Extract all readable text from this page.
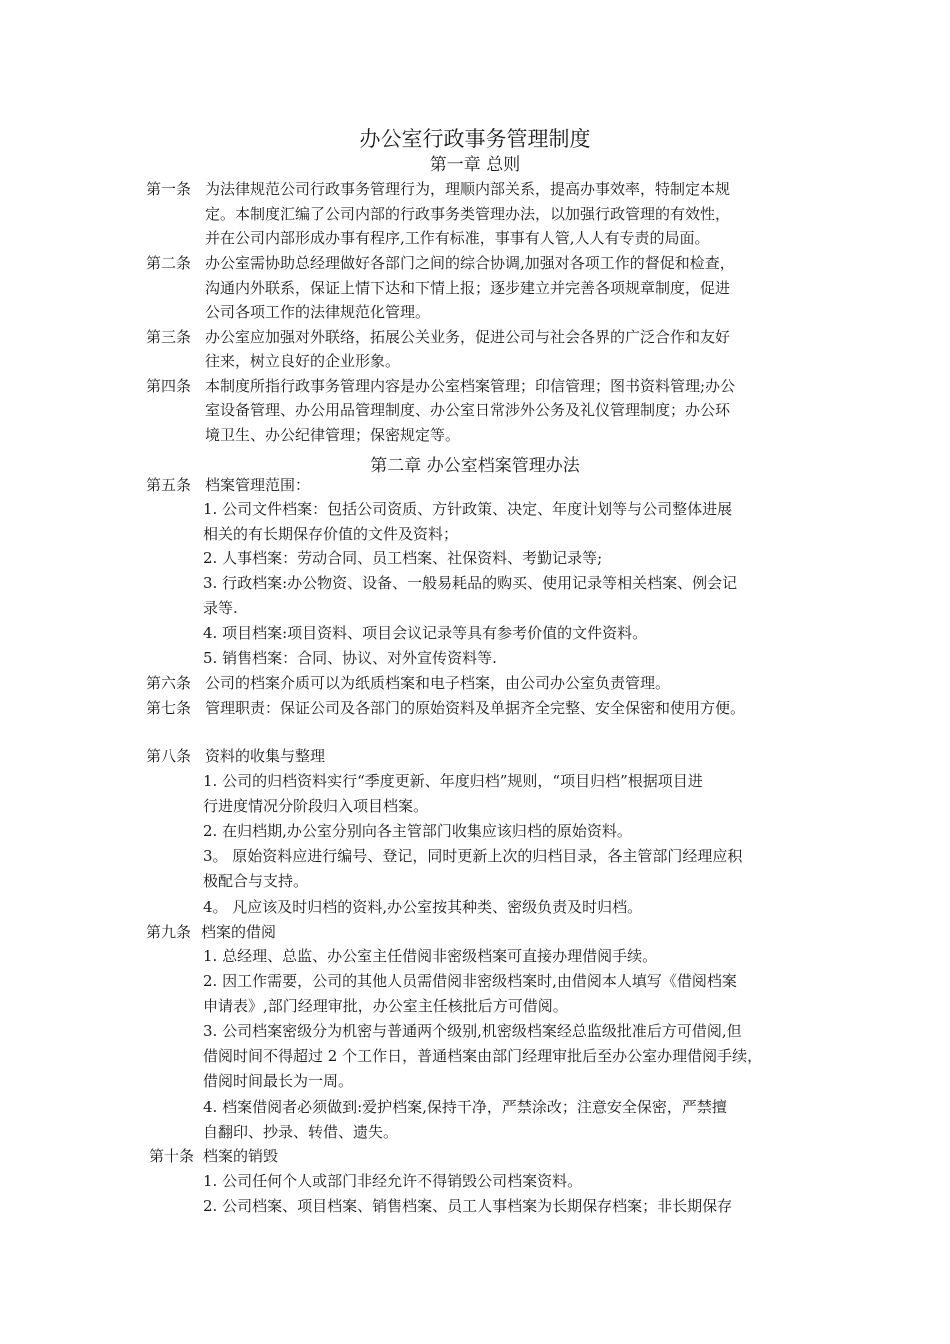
办公室行政事务管理制度
第一章 总则
第一条 为法律规范公司行政事务管理行为，理顺内部关系，提高办事效率，特制定本规
定。本制度汇编了公司内部的行政事务类管理办法，以加强行政管理的有效性，
并在公司内部形成办事有程序,工作有标准，事事有人管,人人有专责的局面。
第二条 办公室需协助总经理做好各部门之间的综合协调,加强对各项工作的督促和检查，
沟通内外联系，保证上情下达和下情上报；逐步建立并完善各项规章制度，促进
公司各项工作的法律规范化管理。
第三条 办公室应加强对外联络，拓展公关业务，促进公司与社会各界的广泛合作和友好
往来，树立良好的企业形象。
第四条 本制度所指行政事务管理内容是办公室档案管理；印信管理；图书资料管理;办公
室设备管理、办公用品管理制度、办公室日常涉外公务及礼仪管理制度；办公环
境卫生、办公纪律管理；保密规定等。
第二章 办公室档案管理办法
第五条 档案管理范围：
1. 公司文件档案：包括公司资质、方针政策、决定、年度计划等与公司整体进展
相关的有长期保存价值的文件及资料；
2. 人事档案：劳动合同、员工档案、社保资料、考勤记录等;
3. 行政档案:办公物资、设备、一般易耗品的购买、使用记录等相关档案、例会记
录等.
4. 项目档案:项目资料、项目会议记录等具有参考价值的文件资料。
5. 销售档案：合同、协议、对外宣传资料等.
第六条 公司的档案介质可以为纸质档案和电子档案，由公司办公室负责管理。
第七条 管理职责：保证公司及各部门的原始资料及单据齐全完整、安全保密和使用方便。
第八条 资料的收集与整理
1. 公司的归档资料实行“季度更新、年度归档”规则，“项目归档”根据项目进
行进度情况分阶段归入项目档案。
2. 在归档期,办公室分别向各主管部门收集应该归档的原始资料。
3。 原始资料应进行编号、登记，同时更新上次的归档目录，各主管部门经理应积
极配合与支持。
4。 凡应该及时归档的资料,办公室按其种类、密级负责及时归档。
第九条 档案的借阅
1. 总经理、总监、办公室主任借阅非密级档案可直接办理借阅手续。
2. 因工作需要，公司的其他人员需借阅非密级档案时,由借阅本人填写《借阅档案
申请表》,部门经理审批，办公室主任核批后方可借阅。
3. 公司档案密级分为机密与普通两个级别,机密级档案经总监级批准后方可借阅,但
借阅时间不得超过 2 个工作日，普通档案由部门经理审批后至办公室办理借阅手续，
借阅时间最长为一周。
4. 档案借阅者必须做到:爱护档案,保持干净，严禁涂改；注意安全保密，严禁擅
自翻印、抄录、转借、遗失。
第十条 档案的销毁
1. 公司任何个人或部门非经允许不得销毁公司档案资料。
2. 公司档案、项目档案、销售档案、员工人事档案为长期保存档案；非长期保存
